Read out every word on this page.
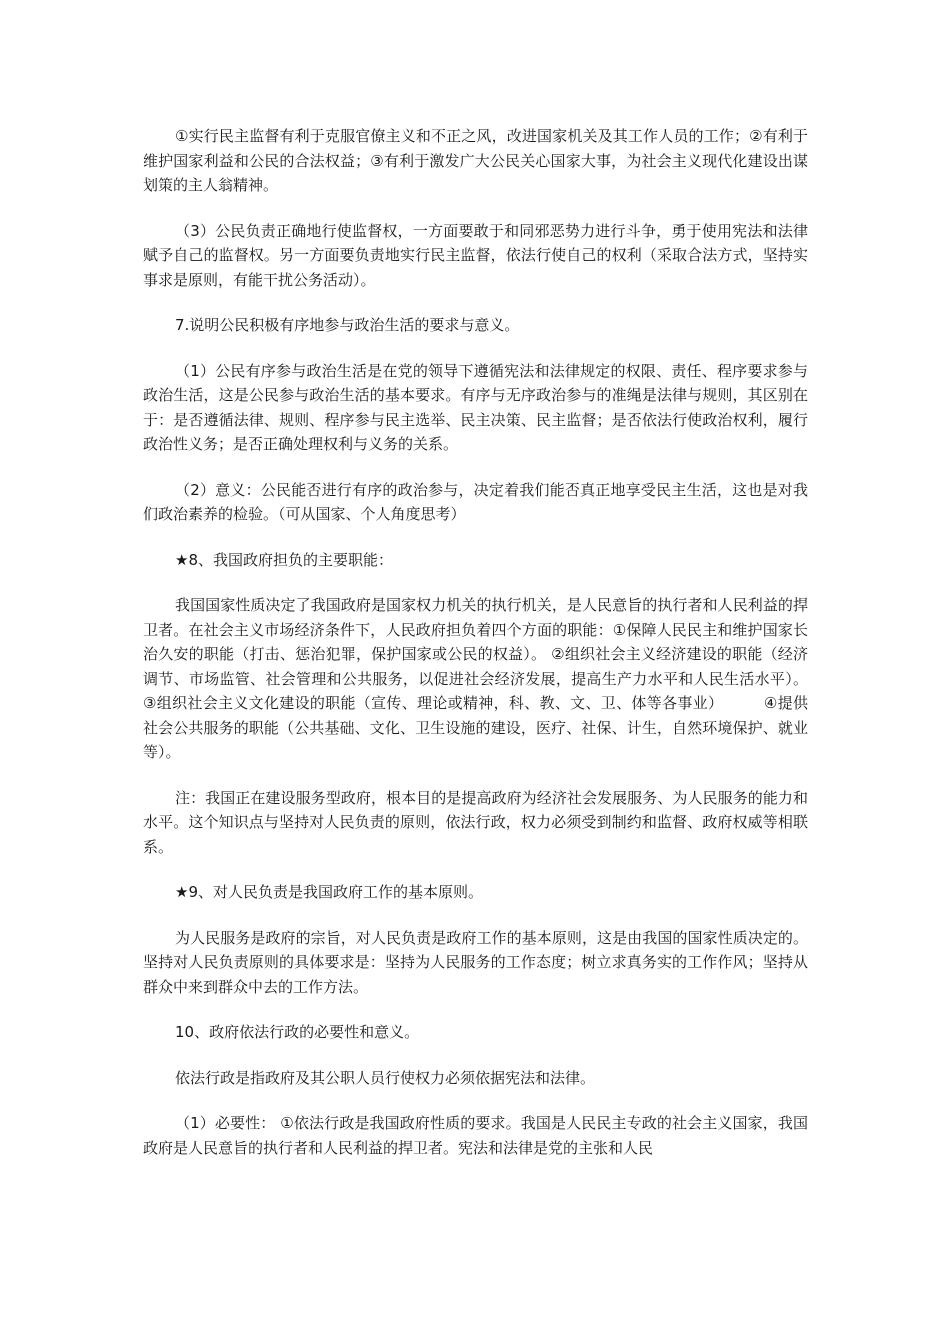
①实行民主监督有利于克服官僚主义和不正之风，改进国家机关及其工作人员的工作；②有利于维护国家利益和公民的合法权益；③有利于激发广大公民关心国家大事，为社会主义现代化建设出谋划策的主人翁精神。

（3）公民负责正确地行使监督权，一方面要敢于和同邪恶势力进行斗争，勇于使用宪法和法律赋予自己的监督权。另一方面要负责地实行民主监督，依法行使自己的权利（采取合法方式，坚持实事求是原则，有能干扰公务活动）。

7.说明公民积极有序地参与政治生活的要求与意义。

（1）公民有序参与政治生活是在党的领导下遵循宪法和法律规定的权限、责任、程序要求参与政治生活，这是公民参与政治生活的基本要求。有序与无序政治参与的准绳是法律与规则，其区别在于：是否遵循法律、规则、程序参与民主选举、民主决策、民主监督；是否依法行使政治权利，履行政治性义务；是否正确处理权利与义务的关系。

（2）意义：公民能否进行有序的政治参与，决定着我们能否真正地享受民主生活，这也是对我们政治素养的检验。（可从国家、个人角度思考）

★8、我国政府担负的主要职能：

我国国家性质决定了我国政府是国家权力机关的执行机关，是人民意旨的执行者和人民利益的捍卫者。在社会主义市场经济条件下，人民政府担负着四个方面的职能：①保障人民民主和维护国家长治久安的职能（打击、惩治犯罪，保护国家或公民的权益）。 ②组织社会主义经济建设的职能（经济调节、市场监管、社会管理和公共服务，以促进社会经济发展，提高生产力水平和人民生活水平）。          ③组织社会主义文化建设的职能（宣传、理论或精神，科、教、文、卫、体等各事业）        ④提供社会公共服务的职能（公共基础、文化、卫生设施的建设，医疗、社保、计生，自然环境保护、就业等）。

注：我国正在建设服务型政府，根本目的是提高政府为经济社会发展服务、为人民服务的能力和水平。这个知识点与坚持对人民负责的原则，依法行政，权力必须受到制约和监督、政府权威等相联系。

★9、对人民负责是我国政府工作的基本原则。

为人民服务是政府的宗旨，对人民负责是政府工作的基本原则，这是由我国的国家性质决定的。坚持对人民负责原则的具体要求是：坚持为人民服务的工作态度；树立求真务实的工作作风；坚持从群众中来到群众中去的工作方法。

10、政府依法行政的必要性和意义。

依法行政是指政府及其公职人员行使权力必须依据宪法和法律。

（1）必要性： ①依法行政是我国政府性质的要求。我国是人民民主专政的社会主义国家，我国政府是人民意旨的执行者和人民利益的捍卫者。宪法和法律是党的主张和人民
